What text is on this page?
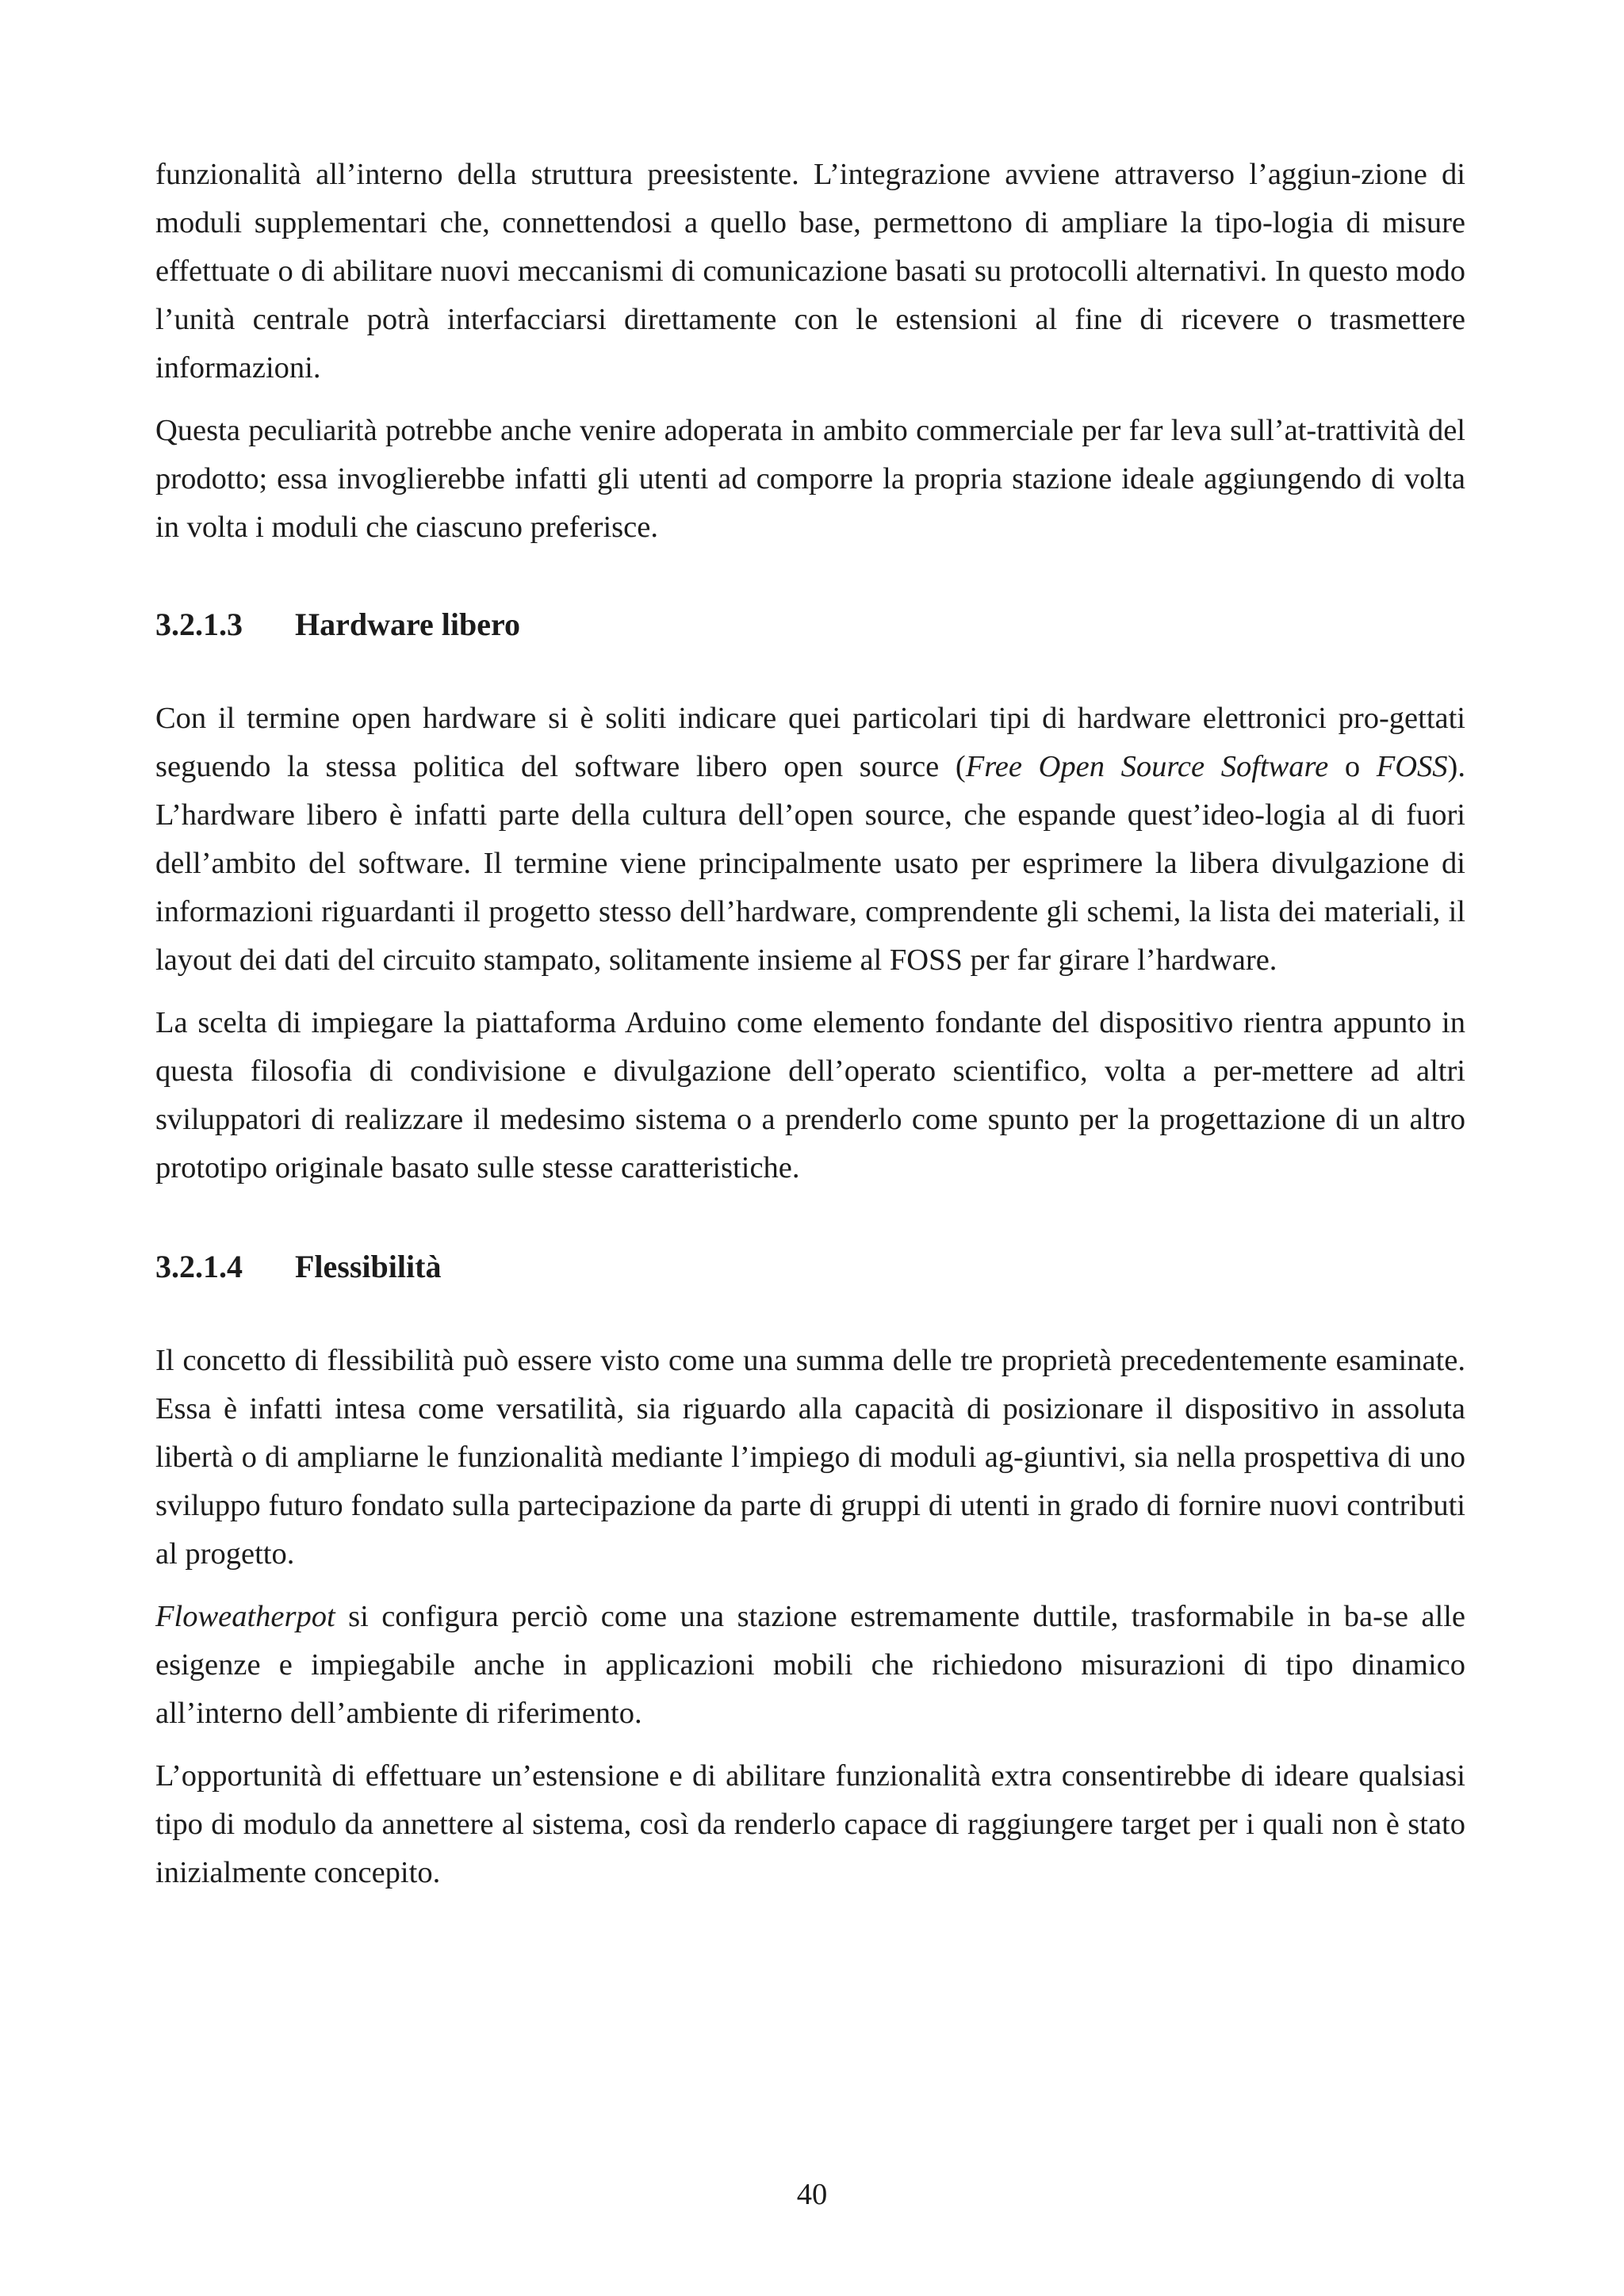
funzionalità all’interno della struttura preesistente. L’integrazione avviene attraverso l’aggiun-zione di moduli supplementari che, connettendosi a quello base, permettono di ampliare la tipo-logia di misure effettuate o di abilitare nuovi meccanismi di comunicazione basati su protocolli alternativi. In questo modo l’unità centrale potrà interfacciarsi direttamente con le estensioni al fine di ricevere o trasmettere informazioni.

Questa peculiarità potrebbe anche venire adoperata in ambito commerciale per far leva sull’at-trattività del prodotto; essa invoglierebbe infatti gli utenti ad comporre la propria stazione ideale aggiungendo di volta in volta i moduli che ciascuno preferisce.

3.2.1.3	Hardware libero

Con il termine open hardware si è soliti indicare quei particolari tipi di hardware elettronici pro-gettati seguendo la stessa politica del software libero open source (Free Open Source Software o FOSS). L’hardware libero è infatti parte della cultura dell’open source, che espande quest’ideo-logia al di fuori dell’ambito del software. Il termine viene principalmente usato per esprimere la libera divulgazione di informazioni riguardanti il progetto stesso dell’hardware, comprendente gli schemi, la lista dei materiali, il layout dei dati del circuito stampato, solitamente insieme al FOSS per far girare l’hardware.

La scelta di impiegare la piattaforma Arduino come elemento fondante del dispositivo rientra appunto in questa filosofia di condivisione e divulgazione dell’operato scientifico, volta a per-mettere ad altri sviluppatori di realizzare il medesimo sistema o a prenderlo come spunto per la progettazione di un altro prototipo originale basato sulle stesse caratteristiche.

3.2.1.4	Flessibilità

Il concetto di flessibilità può essere visto come una summa delle tre proprietà precedentemente esaminate. Essa è infatti intesa come versatilità, sia riguardo alla capacità di posizionare il dispositivo in assoluta libertà o di ampliarne le funzionalità mediante l’impiego di moduli ag-giuntivi, sia nella prospettiva di uno sviluppo futuro fondato sulla partecipazione da parte di gruppi di utenti in grado di fornire nuovi contributi al progetto.

Floweatherpot si configura perciò come una stazione estremamente duttile, trasformabile in ba-se alle esigenze e impiegabile anche in applicazioni mobili che richiedono misurazioni di tipo dinamico all’interno dell’ambiente di riferimento.

L’opportunità di effettuare un’estensione e di abilitare funzionalità extra consentirebbe di ideare qualsiasi tipo di modulo da annettere al sistema, così da renderlo capace di raggiungere target per i quali non è stato inizialmente concepito.

40
